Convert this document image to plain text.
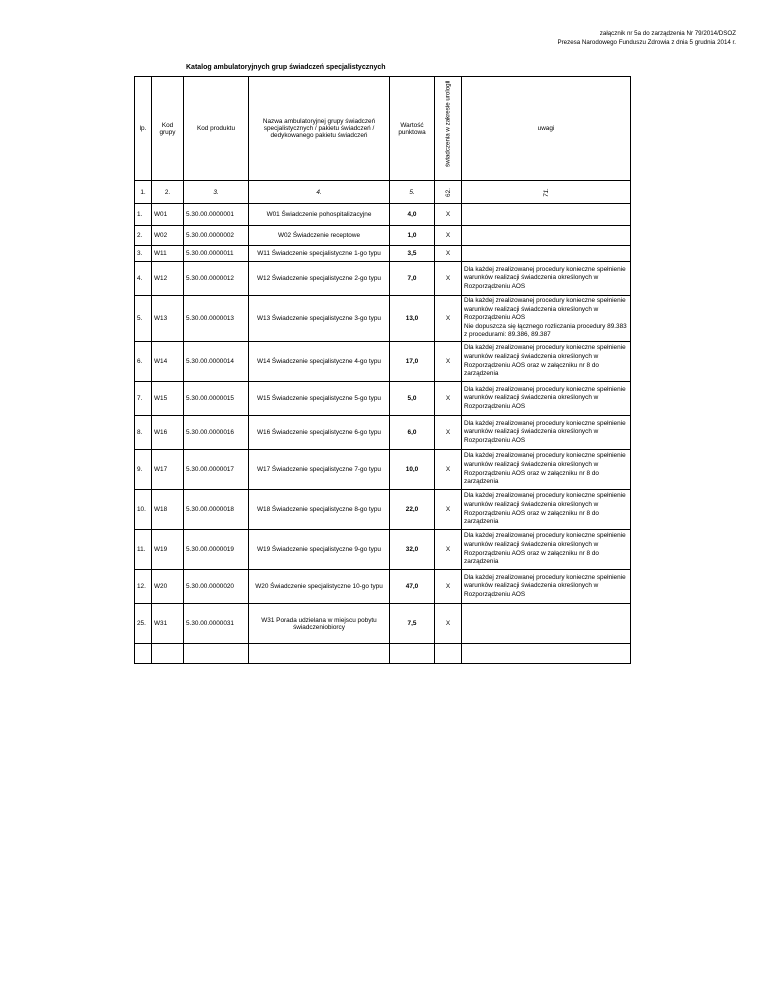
załącznik nr 5a do zarządzenia Nr 79/2014/DSOZ
Prezesa Narodowego Funduszu Zdrowia z dnia 5 grudnia 2014 r.
Katalog ambulatoryjnych grup świadczeń specjalistycznych
lp.	Kod grupy	Kod produktu	Nazwa ambulatoryjnej grupy świadczeń specjalistycznych / pakietu świadczeń / dedykowanego pakietu świadczeń	Wartość punktowa	świadczenia w zakresie urologii	uwagi
1.	2.	3.	4.	5.	62.	71.
1.	W01	5.30.00.0000001	W01 Świadczenie pohospitalizacyjne	4,0	X	
2.	W02	5.30.00.0000002	W02 Świadczenie receptowe	1,0	X	
3.	W11	5.30.00.0000011	W11 Świadczenie specjalistyczne 1-go typu	3,5	X	
4.	W12	5.30.00.0000012	W12 Świadczenie specjalistyczne 2-go typu	7,0	X	Dla każdej zrealizowanej procedury konieczne spełnienie warunków realizacji świadczenia określonych w Rozporządzeniu AOS
5.	W13	5.30.00.0000013	W13 Świadczenie specjalistyczne 3-go typu	13,0	X	Dla każdej zrealizowanej procedury konieczne spełnienie warunków realizacji świadczenia określonych w Rozporządzeniu AOS
Nie dopuszcza się łącznego rozliczania procedury 89.383 z procedurami: 89.386, 89.387
6.	W14	5.30.00.0000014	W14 Świadczenie specjalistyczne 4-go typu	17,0	X	Dla każdej zrealizowanej procedury konieczne spełnienie warunków realizacji świadczenia określonych w Rozporządzeniu AOS oraz w załączniku nr 8 do zarządzenia
7.	W15	5.30.00.0000015	W15 Świadczenie specjalistyczne 5-go typu	5,0	X	Dla każdej zrealizowanej procedury konieczne spełnienie warunków realizacji świadczenia określonych w Rozporządzeniu AOS
8.	W16	5.30.00.0000016	W16 Świadczenie specjalistyczne 6-go typu	6,0	X	Dla każdej zrealizowanej procedury konieczne spełnienie warunków realizacji świadczenia określonych w Rozporządzeniu AOS
9.	W17	5.30.00.0000017	W17 Świadczenie specjalistyczne 7-go typu	10,0	X	Dla każdej zrealizowanej procedury konieczne spełnienie warunków realizacji świadczenia określonych w Rozporządzeniu AOS oraz w załączniku nr 8 do zarządzenia
10.	W18	5.30.00.0000018	W18 Świadczenie specjalistyczne 8-go typu	22,0	X	Dla każdej zrealizowanej procedury konieczne spełnienie warunków realizacji świadczenia określonych w Rozporządzeniu AOS oraz w załączniku nr 8 do zarządzenia
11.	W19	5.30.00.0000019	W19 Świadczenie specjalistyczne 9-go typu	32,0	X	Dla każdej zrealizowanej procedury konieczne spełnienie warunków realizacji świadczenia określonych w Rozporządzeniu AOS oraz w załączniku nr 8 do zarządzenia
12.	W20	5.30.00.0000020	W20 Świadczenie specjalistyczne 10-go typu	47,0	X	Dla każdej zrealizowanej procedury konieczne spełnienie warunków realizacji świadczenia określonych w Rozporządzeniu AOS
25.	W31	5.30.00.0000031	W31 Porada udzielana w miejscu pobytu świadczeniobiorcy	7,5	X	
